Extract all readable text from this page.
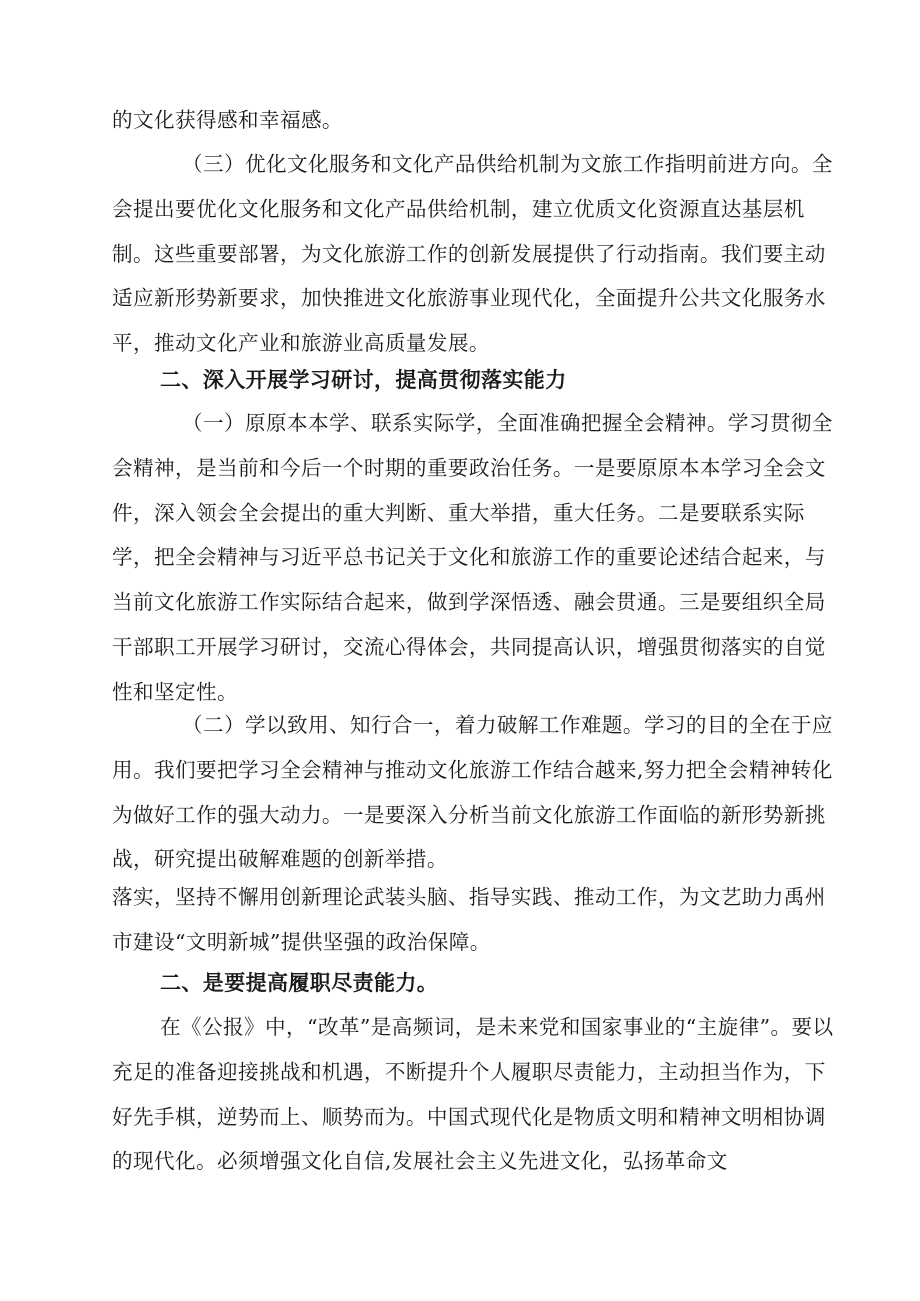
的文化获得感和幸福感。
（三）优化文化服务和文化产品供给机制为文旅工作指明前进方向。全会提出要优化文化服务和文化产品供给机制，建立优质文化资源直达基层机制。这些重要部署，为文化旅游工作的创新发展提供了行动指南。我们要主动适应新形势新要求，加快推进文化旅游事业现代化，全面提升公共文化服务水平，推动文化产业和旅游业高质量发展。
二、深入开展学习研讨，提高贯彻落实能力
（一）原原本本学、联系实际学，全面准确把握全会精神。学习贯彻全会精神，是当前和今后一个时期的重要政治任务。一是要原原本本学习全会文件，深入领会全会提出的重大判断、重大举措，重大任务。二是要联系实际学，把全会精神与习近平总书记关于文化和旅游工作的重要论述结合起来，与当前文化旅游工作实际结合起来，做到学深悟透、融会贯通。三是要组织全局干部职工开展学习研讨，交流心得体会，共同提高认识，增强贯彻落实的自觉性和坚定性。
（二）学以致用、知行合一，着力破解工作难题。学习的目的全在于应用。我们要把学习全会精神与推动文化旅游工作结合越来,努力把全会精神转化为做好工作的强大动力。一是要深入分析当前文化旅游工作面临的新形势新挑战，研究提出破解难题的创新举措。
落实，坚持不懈用创新理论武装头脑、指导实践、推动工作，为文艺助力禹州市建设“文明新城”提供坚强的政治保障。
二、是要提高履职尽责能力。
在《公报》中，“改革”是高频词，是未来党和国家事业的“主旋律”。要以充足的准备迎接挑战和机遇，不断提升个人履职尽责能力，主动担当作为，下好先手棋，逆势而上、顺势而为。中国式现代化是物质文明和精神文明相协调的现代化。必须增强文化自信,发展社会主义先进文化，弘扬革命文
